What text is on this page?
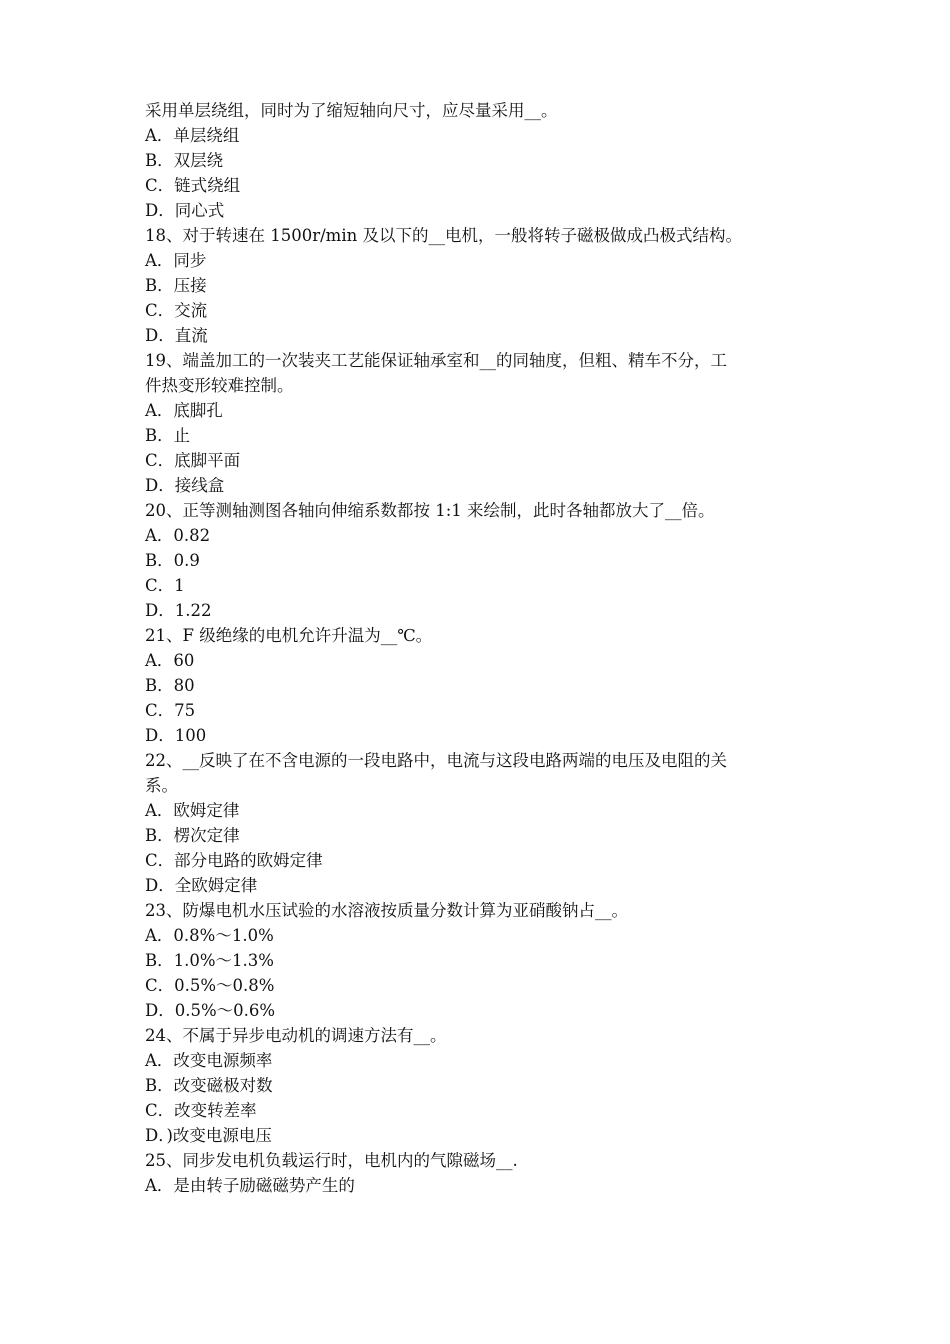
采用单层绕组，同时为了缩短轴向尺寸，应尽量采用__。

A．单层绕组

B．双层绕

C．链式绕组

D．同心式

18、对于转速在 1500r/min 及以下的__电机，一般将转子磁极做成凸极式结构。

A．同步

B．压接

C．交流

D．直流

19、端盖加工的一次装夹工艺能保证轴承室和__的同轴度，但粗、精车不分，工

件热变形较难控制。

A．底脚孔

B．止

C．底脚平面

D．接线盒

20、正等测轴测图各轴向伸缩系数都按 1:1 来绘制，此时各轴都放大了__倍。

A．0.82

B．0.9

C．1

D．1.22

21、F 级绝缘的电机允许升温为__℃。

A．60

B．80

C．75

D．100

22、__反映了在不含电源的一段电路中，电流与这段电路两端的电压及电阻的关

系。

A．欧姆定律

B．楞次定律

C．部分电路的欧姆定律

D．全欧姆定律

23、防爆电机水压试验的水溶液按质量分数计算为亚硝酸钠占__。

A．0.8%～1.0%

B．1.0%～1.3%

C．0.5%～0.8%

D．0.5%～0.6%

24、不属于异步电动机的调速方法有__。

A．改变电源频率

B．改变磁极对数

C．改变转差率

D．)改变电源电压

25、同步发电机负载运行时，电机内的气隙磁场__.

A．是由转子励磁磁势产生的
